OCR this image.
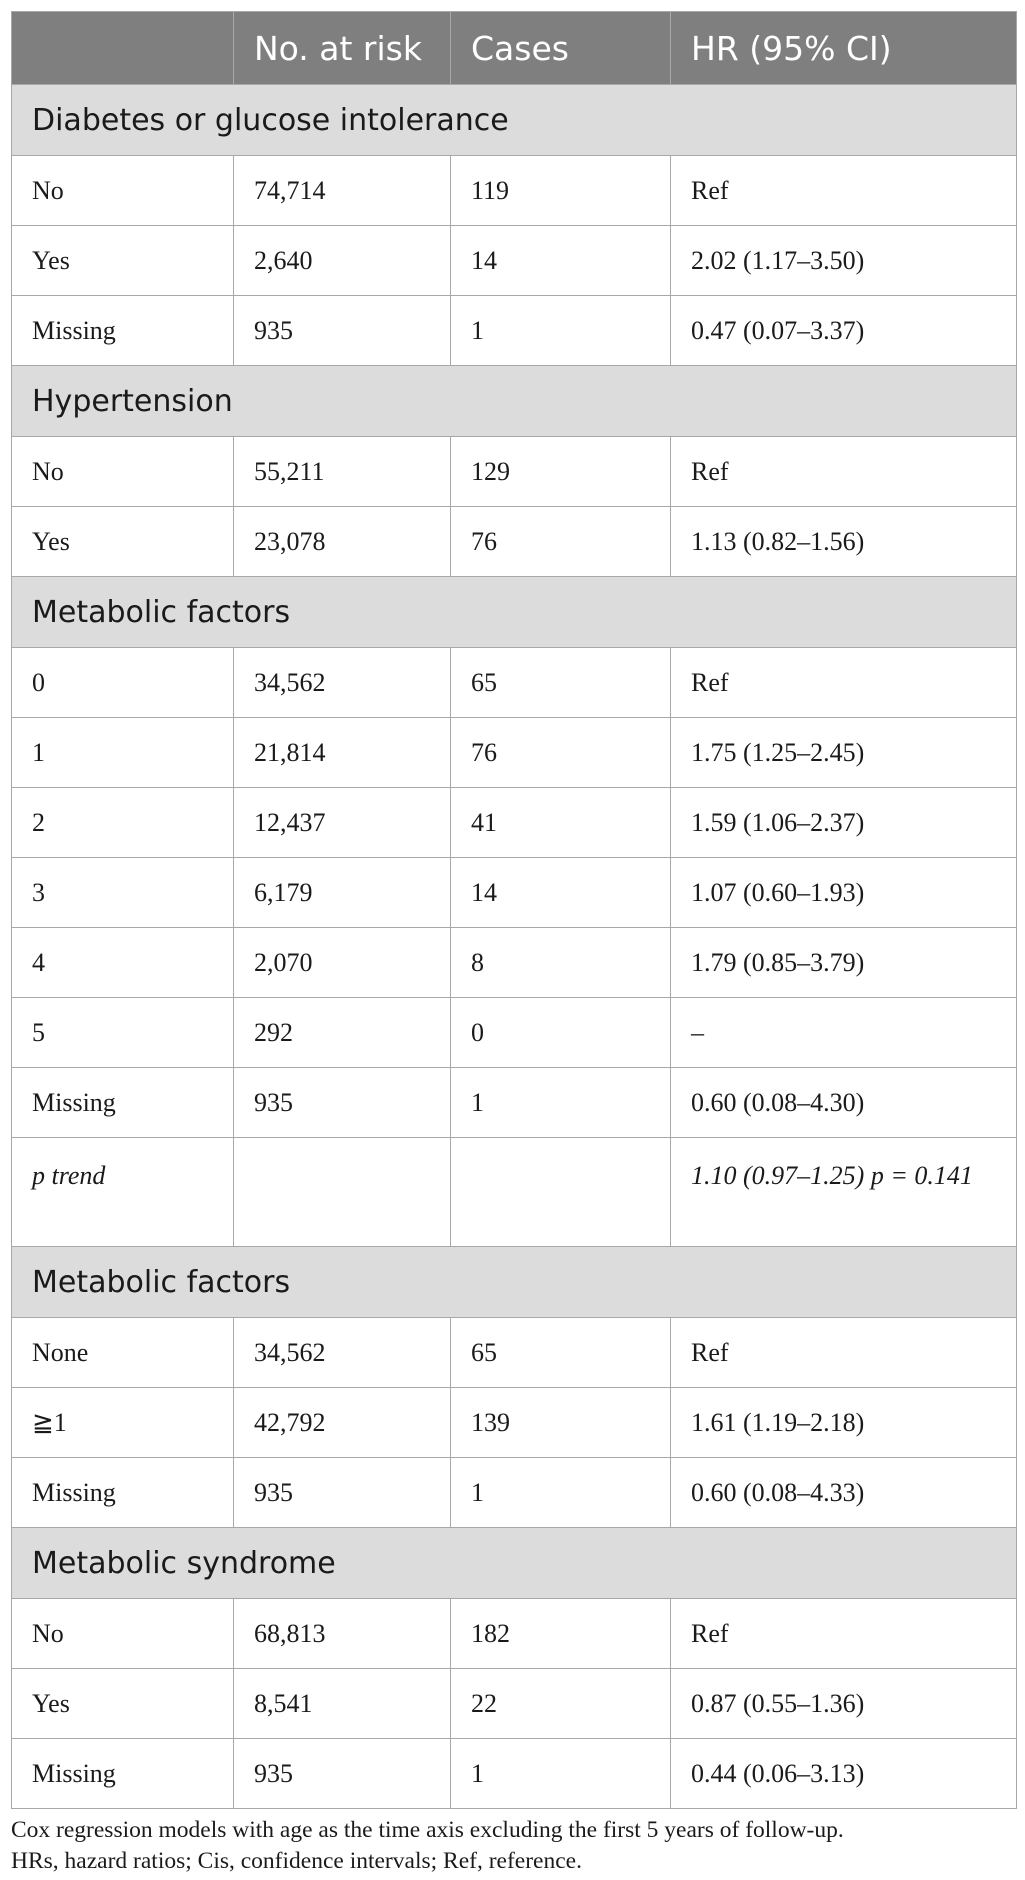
	No. at risk	Cases	HR (95% CI)
Diabetes or glucose intolerance			
No	74,714	119	Ref
Yes	2,640	14	2.02 (1.17–3.50)
Missing	935	1	0.47 (0.07–3.37)
Hypertension			
No	55,211	129	Ref
Yes	23,078	76	1.13 (0.82–1.56)
Metabolic factors			
0	34,562	65	Ref
1	21,814	76	1.75 (1.25–2.45)
2	12,437	41	1.59 (1.06–2.37)
3	6,179	14	1.07 (0.60–1.93)
4	2,070	8	1.79 (0.85–3.79)
5	292	0	–
Missing	935	1	0.60 (0.08–4.30)
p trend			1.10 (0.97–1.25) p = 0.141
Metabolic factors			
None	34,562	65	Ref
≧1	42,792	139	1.61 (1.19–2.18)
Missing	935	1	0.60 (0.08–4.33)
Metabolic syndrome			
No	68,813	182	Ref
Yes	8,541	22	0.87 (0.55–1.36)
Missing	935	1	0.44 (0.06–3.13)
Cox regression models with age as the time axis excluding the first 5 years of follow-up.
HRs, hazard ratios; Cis, confidence intervals; Ref, reference.
